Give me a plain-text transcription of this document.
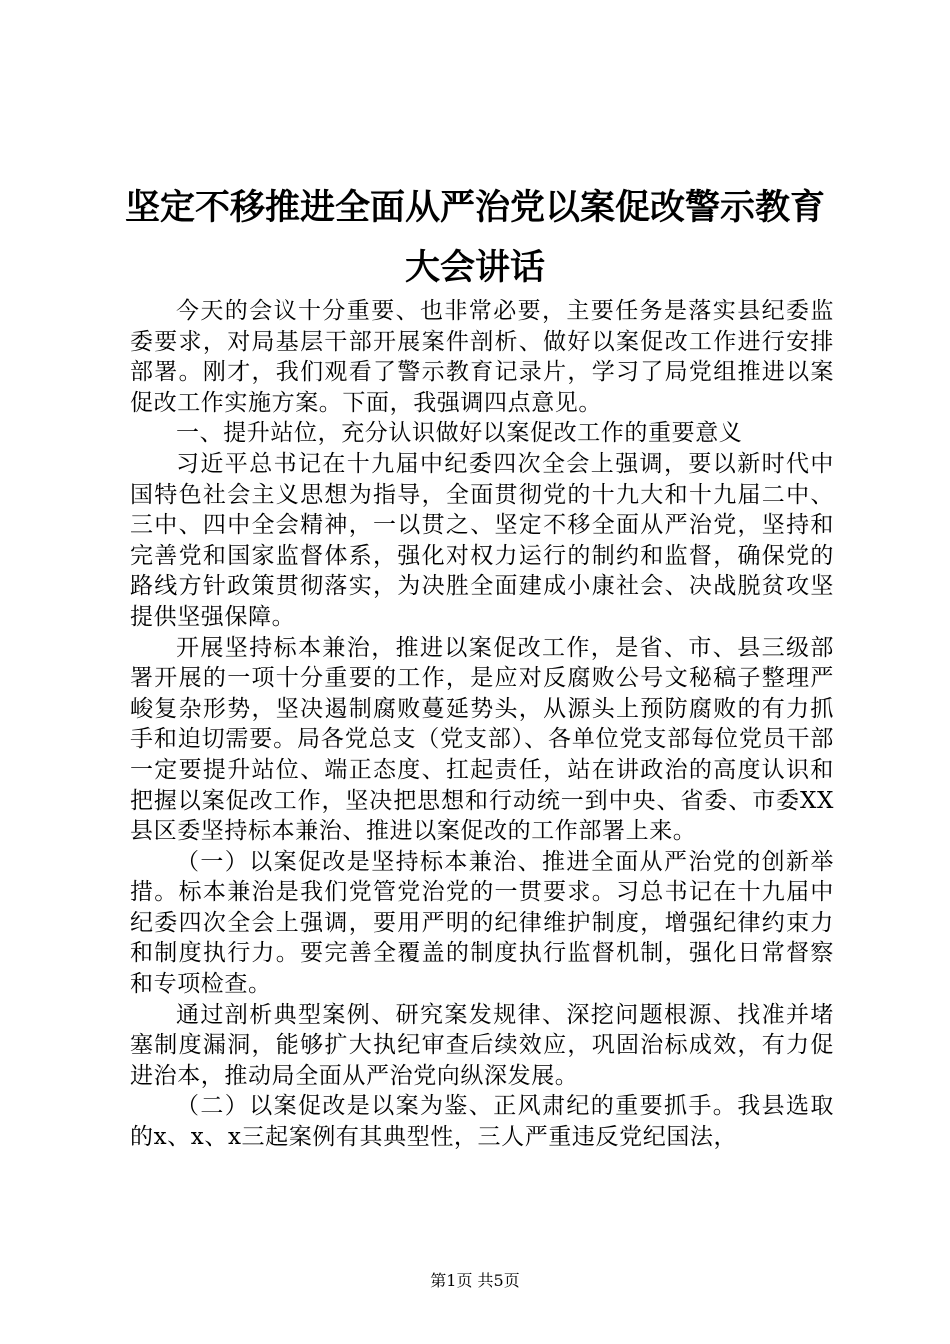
坚定不移推进全面从严治党以案促改警示教育
大会讲话

今天的会议十分重要、也非常必要，主要任务是落实县纪委监委要求，对局基层干部开展案件剖析、做好以案促改工作进行安排部署。刚才，我们观看了警示教育记录片，学习了局党组推进以案促改工作实施方案。下面，我强调四点意见。

一、提升站位，充分认识做好以案促改工作的重要意义

习近平总书记在十九届中纪委四次全会上强调，要以新时代中国特色社会主义思想为指导，全面贯彻党的十九大和十九届二中、三中、四中全会精神，一以贯之、坚定不移全面从严治党，坚持和完善党和国家监督体系，强化对权力运行的制约和监督，确保党的路线方针政策贯彻落实，为决胜全面建成小康社会、决战脱贫攻坚提供坚强保障。

开展坚持标本兼治，推进以案促改工作，是省、市、县三级部署开展的一项十分重要的工作，是应对反腐败公号文秘稿子整理严峻复杂形势，坚决遏制腐败蔓延势头，从源头上预防腐败的有力抓手和迫切需要。局各党总支（党支部）、各单位党支部每位党员干部一定要提升站位、端正态度、扛起责任，站在讲政治的高度认识和把握以案促改工作，坚决把思想和行动统一到中央、省委、市委XX县区委坚持标本兼治、推进以案促改的工作部署上来。

（一）以案促改是坚持标本兼治、推进全面从严治党的创新举措。标本兼治是我们党管党治党的一贯要求。习总书记在十九届中纪委四次全会上强调，要用严明的纪律维护制度，增强纪律约束力和制度执行力。要完善全覆盖的制度执行监督机制，强化日常督察和专项检查。

通过剖析典型案例、研究案发规律、深挖问题根源、找准并堵塞制度漏洞，能够扩大执纪审查后续效应，巩固治标成效，有力促进治本，推动局全面从严治党向纵深发展。

（二）以案促改是以案为鉴、正风肃纪的重要抓手。我县选取的x、x、x三起案例有其典型性，三人严重违反党纪国法，

第1页 共5页
